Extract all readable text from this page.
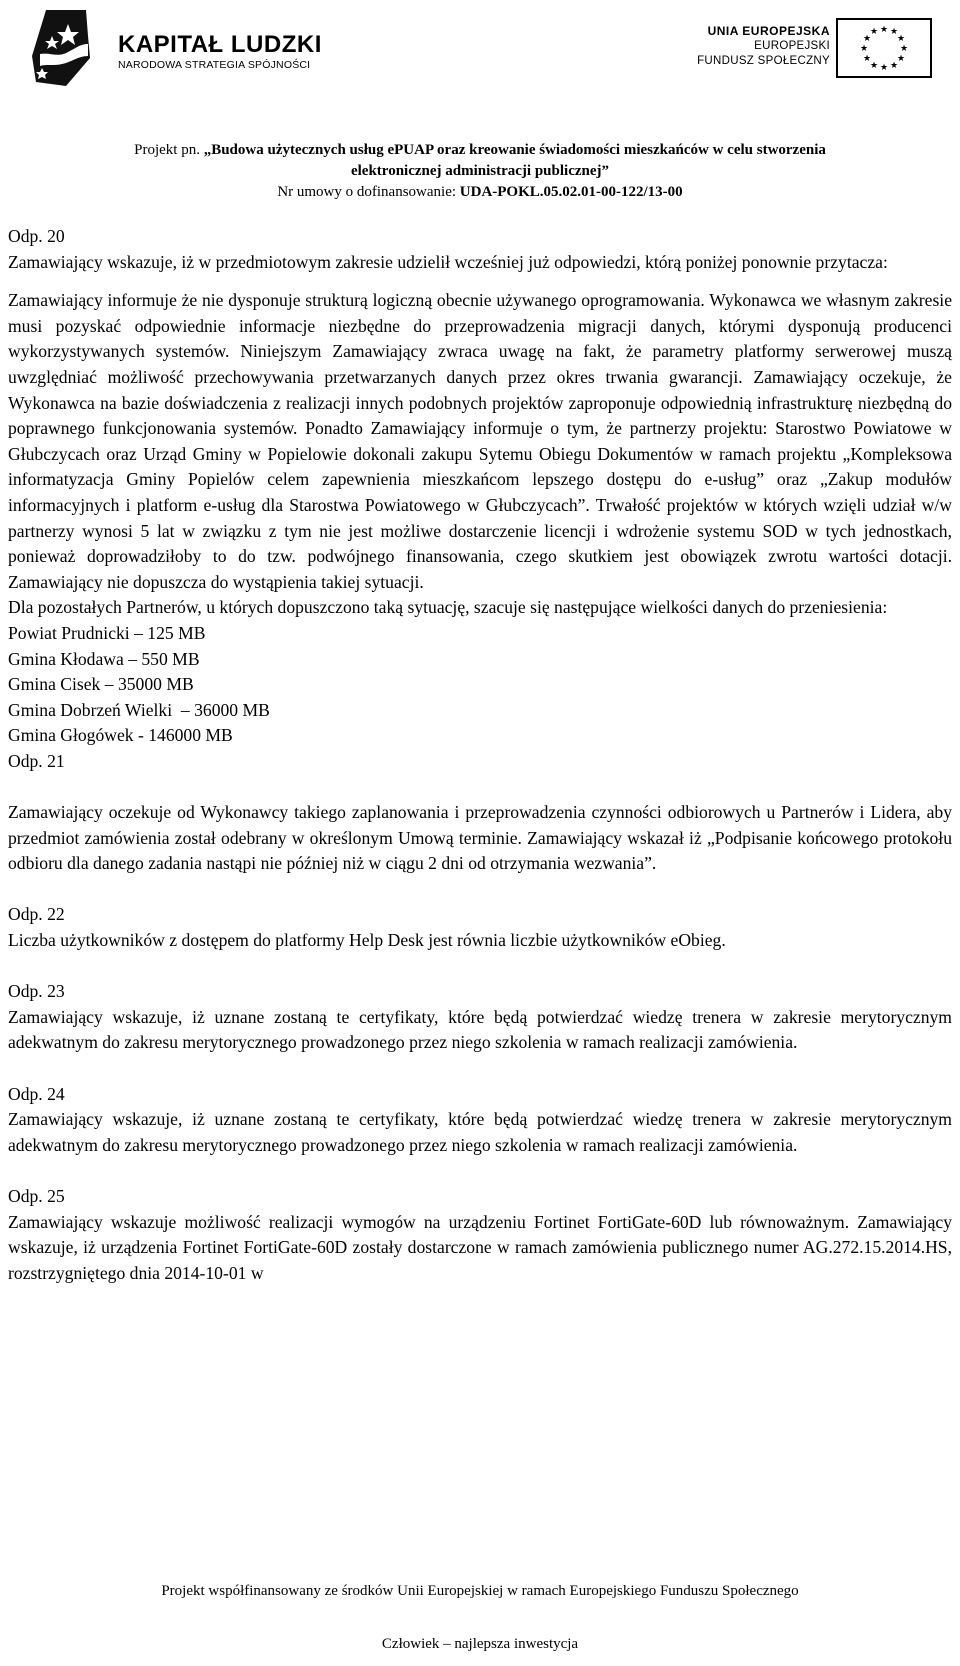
KAPITAŁ LUDZKI
NARODOWA STRATEGIA SPÓJNOŚCI
UNIA EUROPEJSKA
EUROPEJSKI
FUNDUSZ SPOŁECZNY
★ ★
★
★
★
★
★
★
★
★
★
★
Projekt pn. „Budowa użytecznych usług ePUAP oraz kreowanie świadomości mieszkańców w celu stworzenia
elektronicznej administracji publicznej”
Nr umowy o dofinansowanie: UDA-POKL.05.02.01-00-122/13-00
Odp. 20

Zamawiający wskazuje, iż w przedmiotowym zakresie udzielił wcześniej już odpowiedzi, którą poniżej ponownie przytacza:

Zamawiający informuje że nie dysponuje strukturą logiczną obecnie używanego oprogramowania. Wykonawca we własnym zakresie musi pozyskać odpowiednie informacje niezbędne do przeprowadzenia migracji danych, którymi dysponują producenci wykorzystywanych systemów. Niniejszym Zamawiający zwraca uwagę na fakt, że parametry platformy serwerowej muszą uwzględniać możliwość przechowywania przetwarzanych danych przez okres trwania gwarancji. Zamawiający oczekuje, że Wykonawca na bazie doświadczenia z realizacji innych podobnych projektów zaproponuje odpowiednią infrastrukturę niezbędną do poprawnego funkcjonowania systemów. Ponadto Zamawiający informuje o tym, że partnerzy projektu: Starostwo Powiatowe w Głubczycach oraz Urząd Gminy w Popielowie dokonali zakupu Sytemu Obiegu Dokumentów w ramach projektu „Kompleksowa informatyzacja Gminy Popielów celem zapewnienia mieszkańcom lepszego dostępu do e-usług” oraz „Zakup modułów informacyjnych i platform e-usług dla Starostwa Powiatowego w Głubczycach”. Trwałość projektów w których wzięli udział w/w partnerzy wynosi 5 lat w związku z tym nie jest możliwe dostarczenie licencji i wdrożenie systemu SOD w tych jednostkach, ponieważ doprowadziłoby to do tzw. podwójnego finansowania, czego skutkiem jest obowiązek zwrotu wartości dotacji. Zamawiający nie dopuszcza do wystąpienia takiej sytuacji.

Dla pozostałych Partnerów, u których dopuszczono taką sytuację, szacuje się następujące wielkości danych do przeniesienia:

Powiat Prudnicki – 125 MB
Gmina Kłodawa – 550 MB
Gmina Cisek – 35000 MB
Gmina Dobrzeń Wielki  – 36000 MB
Gmina Głogówek - 146000 MB
Odp. 21

Zamawiający oczekuje od Wykonawcy takiego zaplanowania i przeprowadzenia czynności odbiorowych u Partnerów i Lidera, aby przedmiot zamówienia został odebrany w określonym Umową terminie. Zamawiający wskazał iż „Podpisanie końcowego protokołu odbioru dla danego zadania nastąpi nie później niż w ciągu 2 dni od otrzymania wezwania”.

Odp. 22

Liczba użytkowników z dostępem do platformy Help Desk jest równia liczbie użytkowników eObieg.

Odp. 23

Zamawiający wskazuje, iż uznane zostaną te certyfikaty, które będą potwierdzać wiedzę trenera w zakresie merytorycznym adekwatnym do zakresu merytorycznego prowadzonego przez niego szkolenia w ramach realizacji zamówienia.

Odp. 24

Zamawiający wskazuje, iż uznane zostaną te certyfikaty, które będą potwierdzać wiedzę trenera w zakresie merytorycznym adekwatnym do zakresu merytorycznego prowadzonego przez niego szkolenia w ramach realizacji zamówienia.

Odp. 25

Zamawiający wskazuje możliwość realizacji wymogów na urządzeniu Fortinet FortiGate-60D lub równoważnym. Zamawiający wskazuje, iż urządzenia Fortinet FortiGate-60D zostały dostarczone w ramach zamówienia publicznego numer AG.272.15.2014.HS, rozstrzygniętego dnia 2014-10-01 w

Projekt współfinansowany ze środków Unii Europejskiej w ramach Europejskiego Funduszu Społecznego
Człowiek – najlepsza inwestycja
